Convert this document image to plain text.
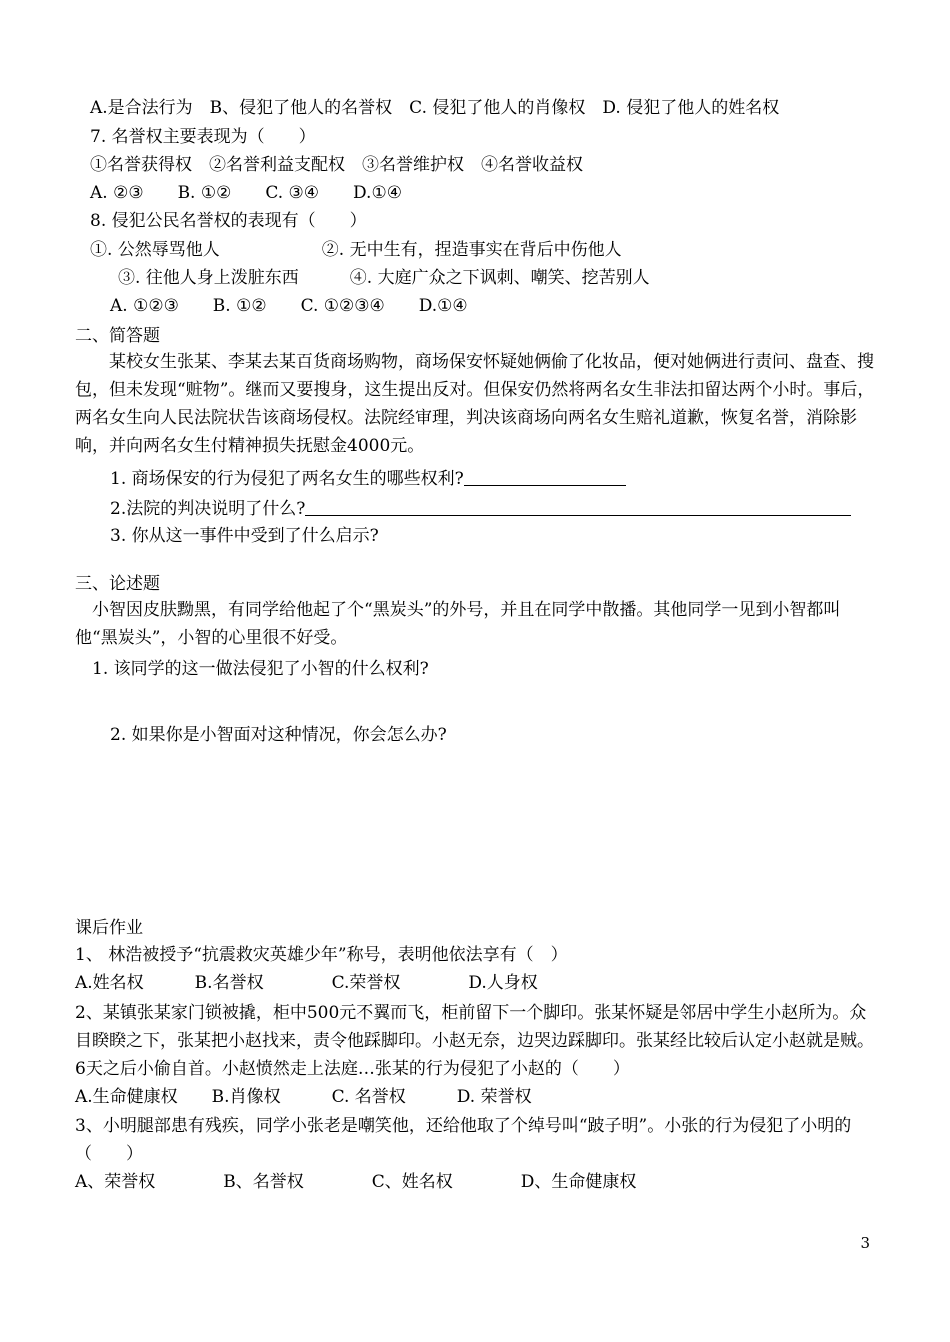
A.是合法行为　B、侵犯了他人的名誉权　C. 侵犯了他人的肖像权　D. 侵犯了他人的姓名权
7. 名誉权主要表现为（　　）
①名誉获得权　②名誉利益支配权　③名誉维护权　④名誉收益权
A. ②③　　B. ①②　　C. ③④　　D.①④
8. 侵犯公民名誉权的表现有（　　）
①. 公然辱骂他人　　　　　　②. 无中生有，捏造事实在背后中伤他人
③. 往他人身上泼脏东西　　　④. 大庭广众之下讽刺、嘲笑、挖苦别人
A. ①②③　　B. ①②　　C. ①②③④　　D.①④
二、简答题
某校女生张某、李某去某百货商场购物，商场保安怀疑她俩偷了化妆品，便对她俩进行责问、盘查、搜包，但未发现“赃物”。继而又要搜身，这生提出反对。但保安仍然将两名女生非法扣留达两个小时。事后，两名女生向人民法院状告该商场侵权。法院经审理，判决该商场向两名女生赔礼道歉，恢复名誉，消除影响，并向两名女生付精神损失抚慰金4000元。
1. 商场保安的行为侵犯了两名女生的哪些权利?
2.法院的判决说明了什么?
3. 你从这一事件中受到了什么启示?
三、论述题
小智因皮肤黝黑，有同学给他起了个“黑炭头”的外号，并且在同学中散播。其他同学一见到小智都叫他“黑炭头”，小智的心里很不好受。
1. 该同学的这一做法侵犯了小智的什么权利?
2. 如果你是小智面对这种情况，你会怎么办?
课后作业
1、 林浩被授予“抗震救灾英雄少年”称号，表明他依法享有（　）
A.姓名权　　　B.名誉权　　　　C.荣誉权　　　　D.人身权
2、某镇张某家门锁被撬，柜中500元不翼而飞，柜前留下一个脚印。张某怀疑是邻居中学生小赵所为。众目睽睽之下，张某把小赵找来，责令他踩脚印。小赵无奈，边哭边踩脚印。张某经比较后认定小赵就是贼。6天之后小偷自首。小赵愤然走上法庭…张某的行为侵犯了小赵的（　　）
A.生命健康权　　B.肖像权　　　C. 名誉权　　　D. 荣誉权
3、小明腿部患有残疾，同学小张老是嘲笑他，还给他取了个绰号叫“跛子明”。小张的行为侵犯了小明的（　　）
A、荣誉权　　　　B、名誉权　　　　C、姓名权　　　　D、生命健康权
3
